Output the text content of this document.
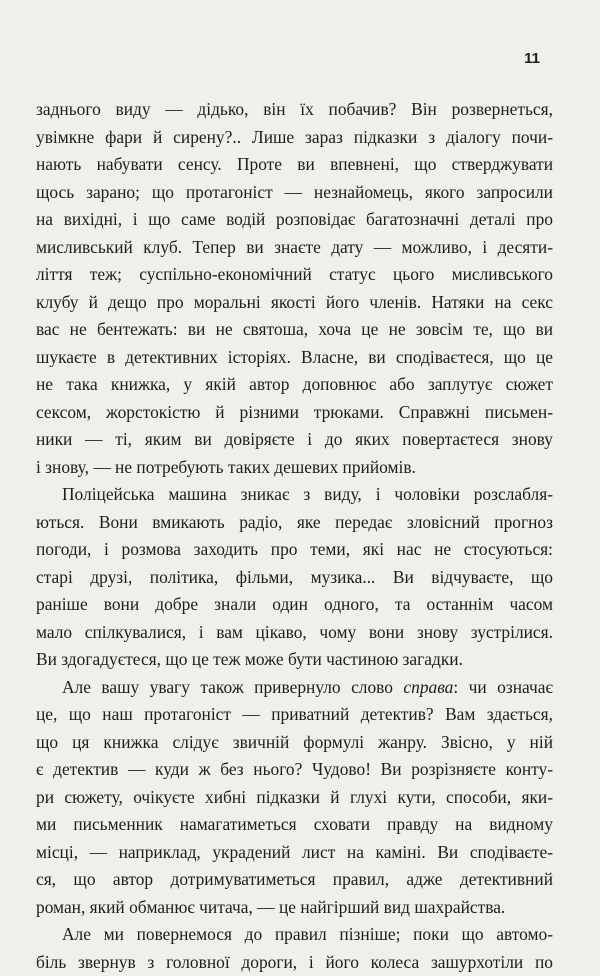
11
заднього виду — дідько, він їх побачив? Він розвернеться,
увімкне фари й сирену?.. Лише зараз підказки з діалогу почи-
нають набувати сенсу. Проте ви впевнені, що стверджувати
щось зарано; що протагоніст — незнайомець, якого запросили
на вихідні, і що саме водій розповідає багатозначні деталі про
мисливський клуб. Тепер ви знаєте дату — можливо, і десяти-
ліття теж; суспільно-економічний статус цього мисливського
клубу й дещо про моральні якості його членів. Натяки на секс
вас не бентежать: ви не святоша, хоча це не зовсім те, що ви
шукаєте в детективних історіях. Власне, ви сподіваєтеся, що це
не така книжка, у якій автор доповнює або заплутує сюжет
сексом, жорстокістю й різними трюками. Справжні письмен-
ники — ті, яким ви довіряєте і до яких повертаєтеся знову
і знову, — не потребують таких дешевих прийомів.
Поліцейська машина зникає з виду, і чоловіки розслабля-
ються. Вони вмикають радіо, яке передає зловісний прогноз
погоди, і розмова заходить про теми, які нас не стосуються:
старі друзі, політика, фільми, музика... Ви відчуваєте, що
раніше вони добре знали один одного, та останнім часом
мало спілкувалися, і вам цікаво, чому вони знову зустрілися.
Ви здогадуєтеся, що це теж може бути частиною загадки.
Але вашу увагу також привернуло слово справа: чи означає
це, що наш протагоніст — приватний детектив? Вам здається,
що ця книжка слідує звичній формулі жанру. Звісно, у ній
є детектив — куди ж без нього? Чудово! Ви розрізняєте конту-
ри сюжету, очікуєте хибні підказки й глухі кути, способи, яки-
ми письменник намагатиметься сховати правду на видному
місці, — наприклад, украдений лист на каміні. Ви сподіваєте-
ся, що автор дотримуватиметься правил, адже детективний
роман, який обманює читача, — це найгірший вид шахрайства.
Але ми повернемося до правил пізніше; поки що автомо-
біль звернув з головної дороги, і його колеса зашурхотіли по
